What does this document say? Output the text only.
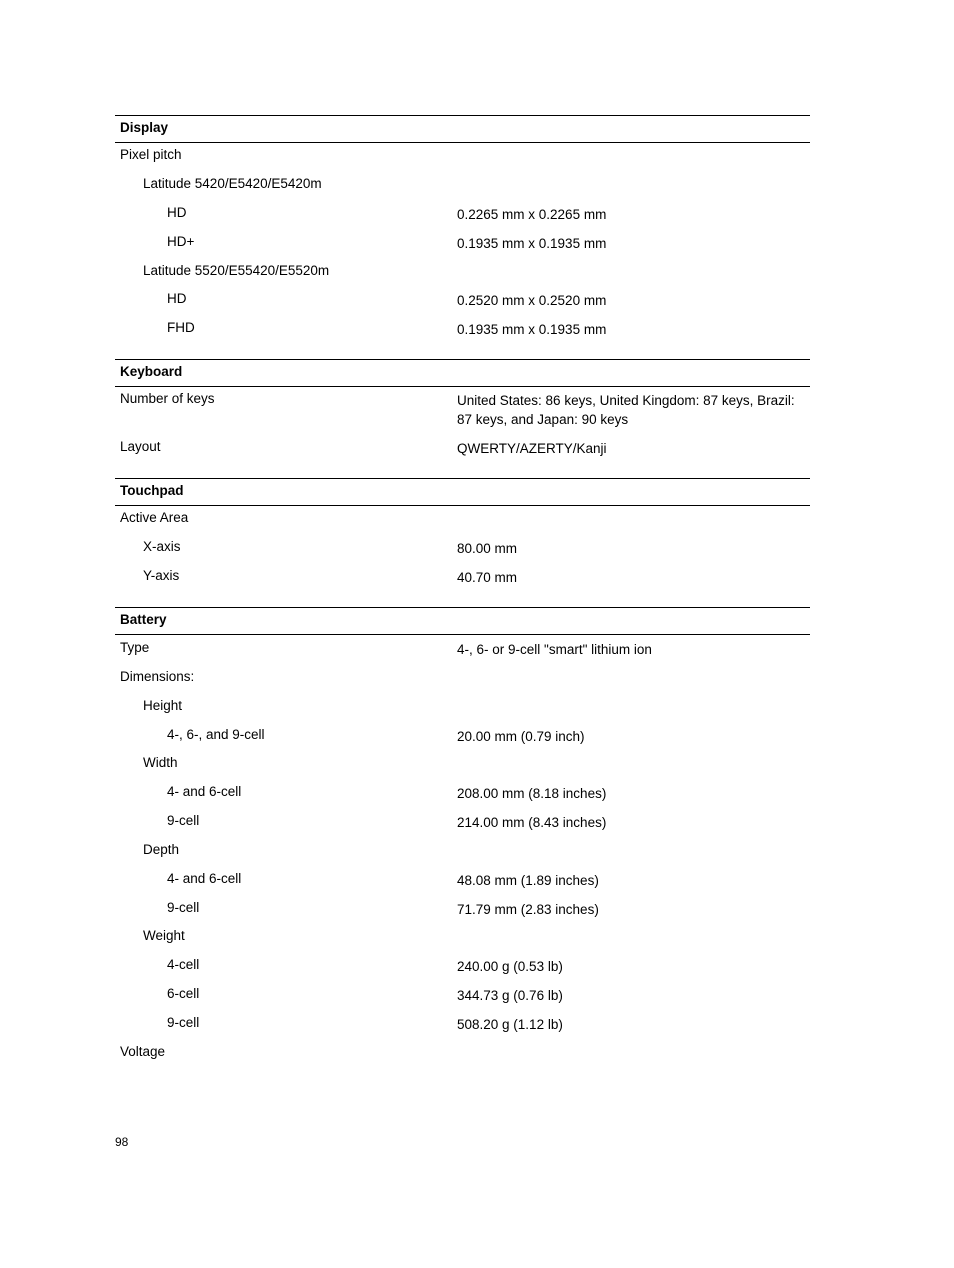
Display
Pixel pitch
Latitude 5420/E5420/E5420m
HD	0.2265 mm x 0.2265 mm
HD+	0.1935 mm x 0.1935 mm
Latitude 5520/E55420/E5520m
HD	0.2520 mm x 0.2520 mm
FHD	0.1935 mm x 0.1935 mm
Keyboard
Number of keys	United States: 86 keys, United Kingdom: 87 keys, Brazil: 87 keys, and Japan: 90 keys
Layout	QWERTY/AZERTY/Kanji
Touchpad
Active Area
X-axis	80.00 mm
Y-axis	40.70 mm
Battery
Type	4-, 6- or 9-cell "smart" lithium ion
Dimensions:
Height
4-, 6-, and 9-cell	20.00 mm (0.79 inch)
Width
4- and 6-cell	208.00 mm (8.18 inches)
9-cell	214.00 mm (8.43 inches)
Depth
4- and 6-cell	48.08 mm (1.89 inches)
9-cell	71.79 mm (2.83 inches)
Weight
4-cell	240.00 g (0.53 lb)
6-cell	344.73 g (0.76 lb)
9-cell	508.20 g (1.12 lb)
Voltage
98
